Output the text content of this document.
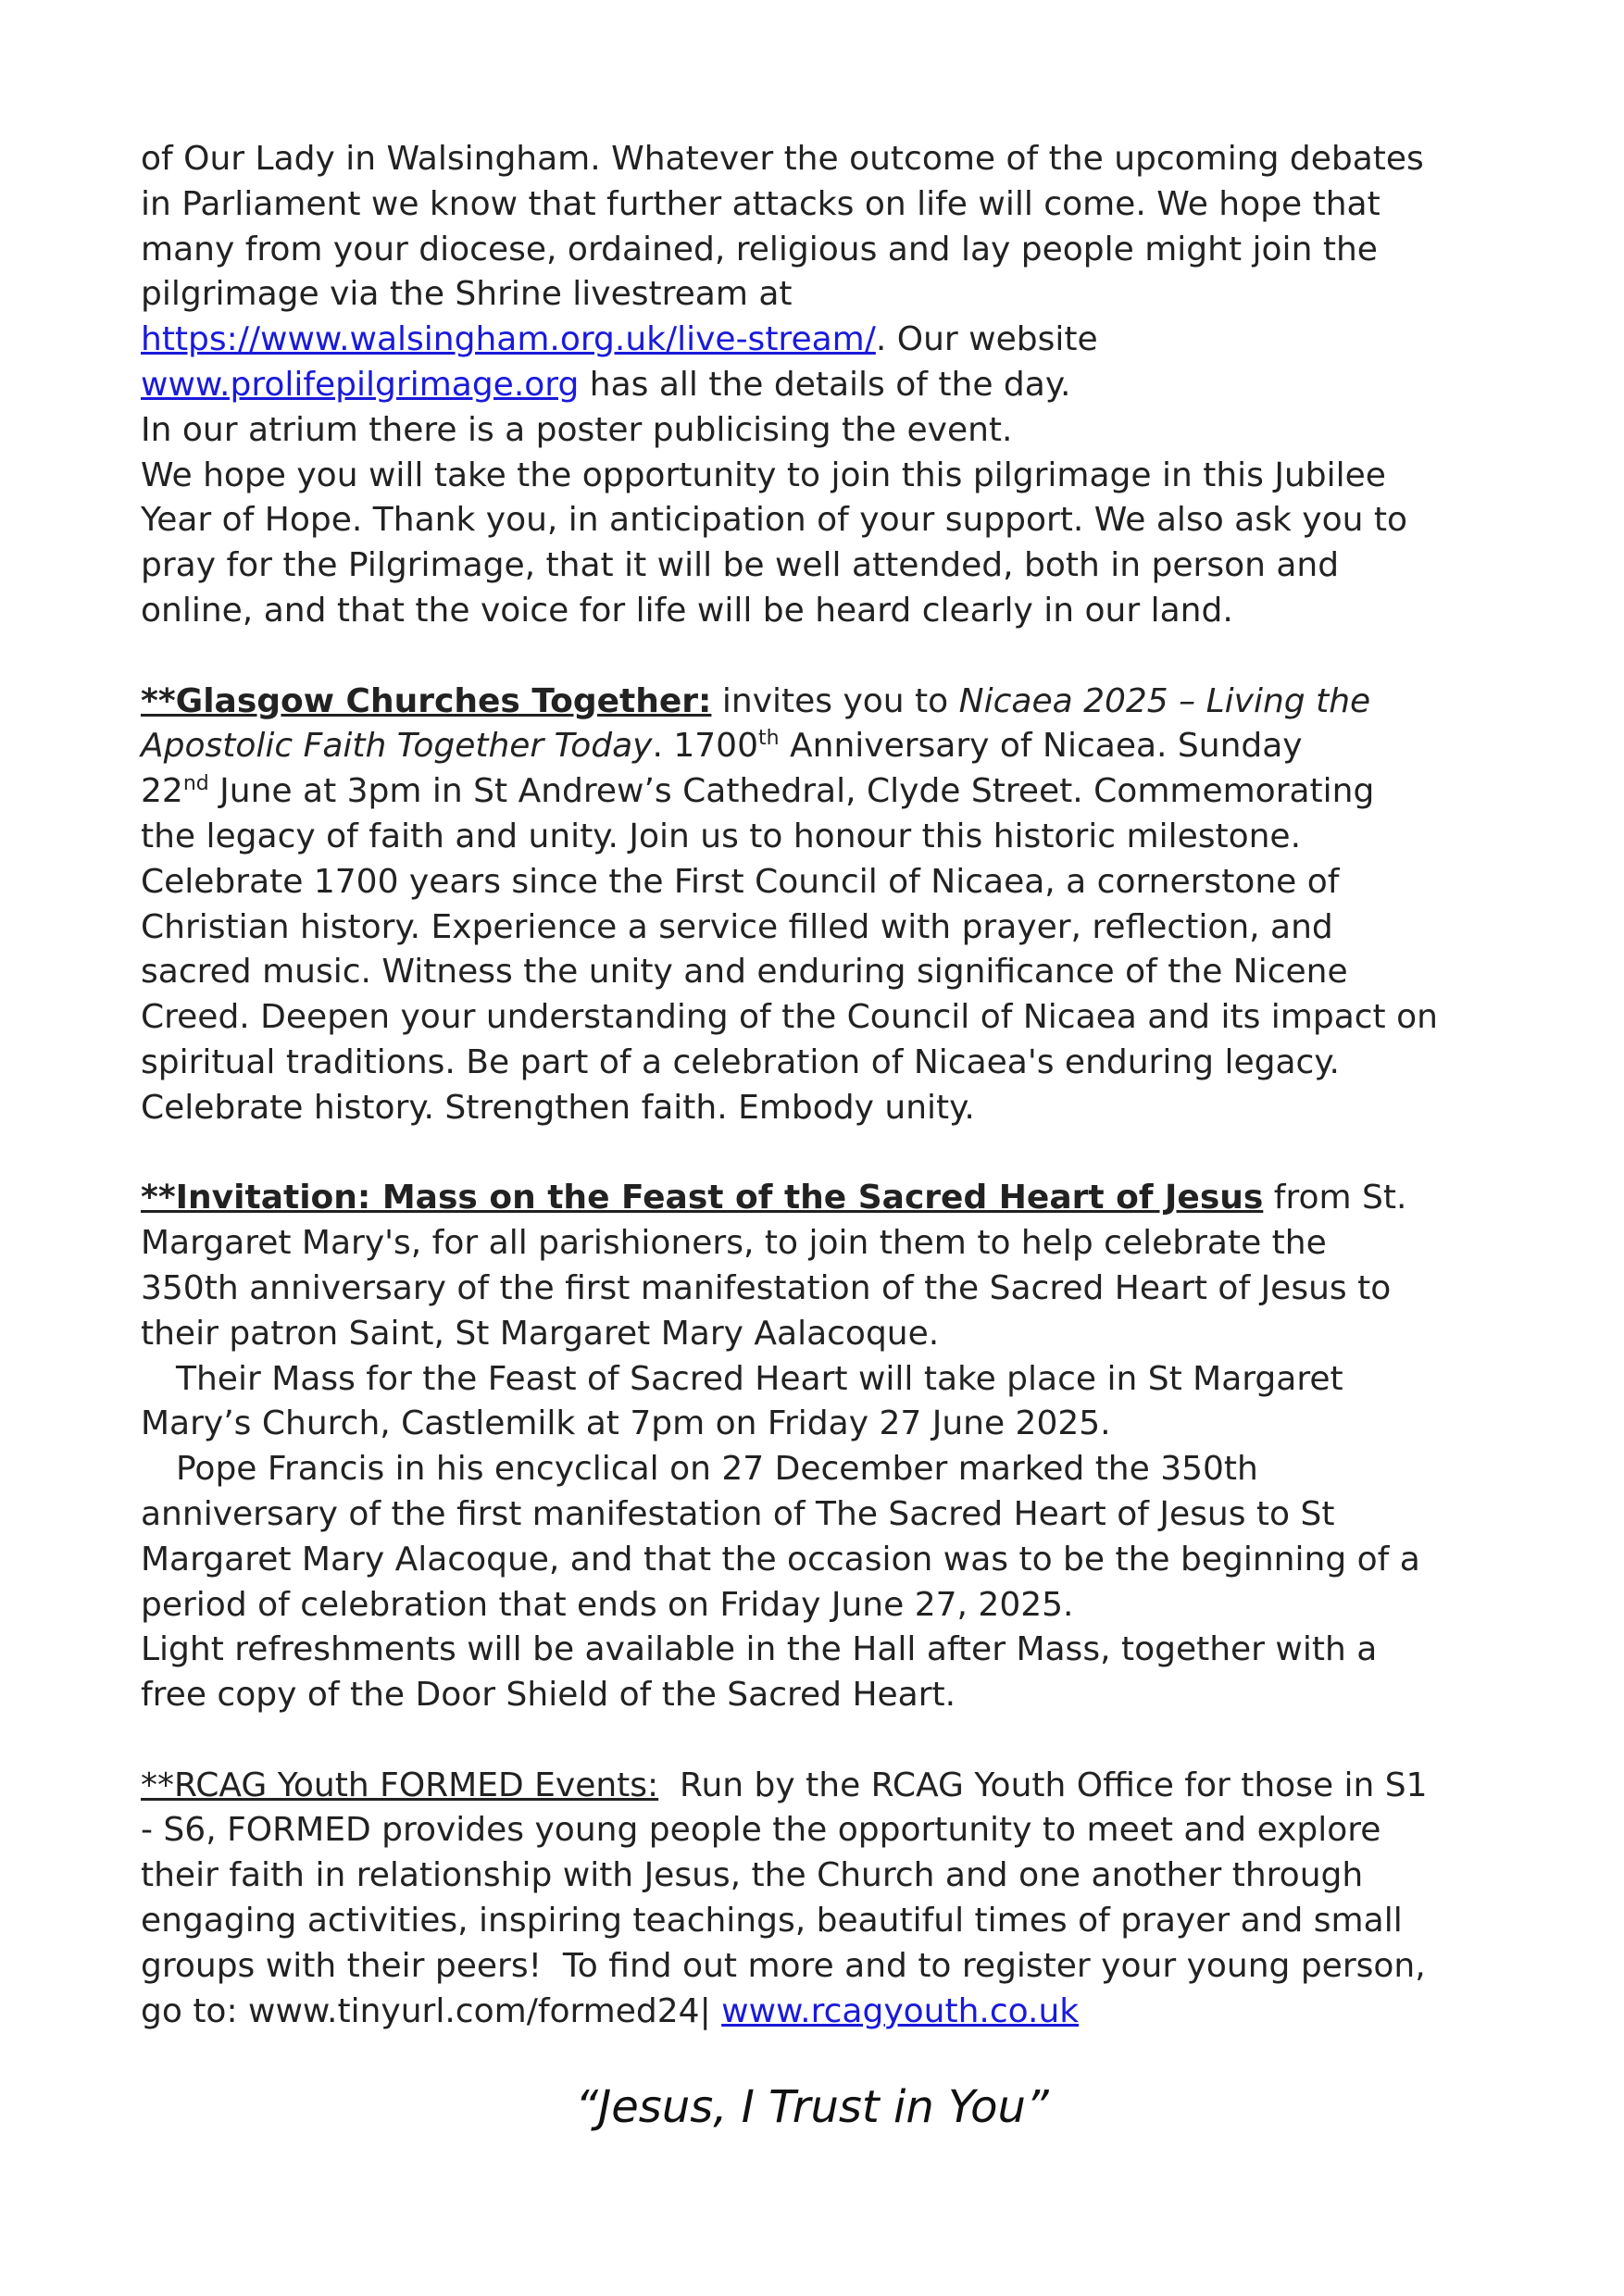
of Our Lady in Walsingham. Whatever the outcome of the upcoming debates
in Parliament we know that further attacks on life will come. We hope that
many from your diocese, ordained, religious and lay people might join the
pilgrimage via the Shrine livestream at
https://www.walsingham.org.uk/live-stream/. Our website
www.prolifepilgrimage.org has all the details of the day.
In our atrium there is a poster publicising the event.
We hope you will take the opportunity to join this pilgrimage in this Jubilee
Year of Hope. Thank you, in anticipation of your support. We also ask you to
pray for the Pilgrimage, that it will be well attended, both in person and
online, and that the voice for life will be heard clearly in our land.
**Glasgow Churches Together: invites you to Nicaea 2025 – Living the
Apostolic Faith Together Today. 1700th Anniversary of Nicaea. Sunday
22nd June at 3pm in St Andrew’s Cathedral, Clyde Street. Commemorating
the legacy of faith and unity. Join us to honour this historic milestone.
Celebrate 1700 years since the First Council of Nicaea, a cornerstone of
Christian history. Experience a service filled with prayer, reflection, and
sacred music. Witness the unity and enduring significance of the Nicene
Creed. Deepen your understanding of the Council of Nicaea and its impact on
spiritual traditions. Be part of a celebration of Nicaea's enduring legacy.
Celebrate history. Strengthen faith. Embody unity.
**Invitation: Mass on the Feast of the Sacred Heart of Jesus from St.
Margaret Mary's, for all parishioners, to join them to help celebrate the
350th anniversary of the first manifestation of the Sacred Heart of Jesus to
their patron Saint, St Margaret Mary Aalacoque.
Their Mass for the Feast of Sacred Heart will take place in St Margaret
Mary’s Church, Castlemilk at 7pm on Friday 27 June 2025.
Pope Francis in his encyclical on 27 December marked the 350th
anniversary of the first manifestation of The Sacred Heart of Jesus to St
Margaret Mary Alacoque, and that the occasion was to be the beginning of a
period of celebration that ends on Friday June 27, 2025.
Light refreshments will be available in the Hall after Mass, together with a
free copy of the Door Shield of the Sacred Heart.
**RCAG Youth FORMED Events:  Run by the RCAG Youth Office for those in S1
- S6, FORMED provides young people the opportunity to meet and explore
their faith in relationship with Jesus, the Church and one another through
engaging activities, inspiring teachings, beautiful times of prayer and small
groups with their peers!  To find out more and to register your young person,
go to: www.tinyurl.com/formed24| www.rcagyouth.co.uk
“Jesus, I Trust in You”
